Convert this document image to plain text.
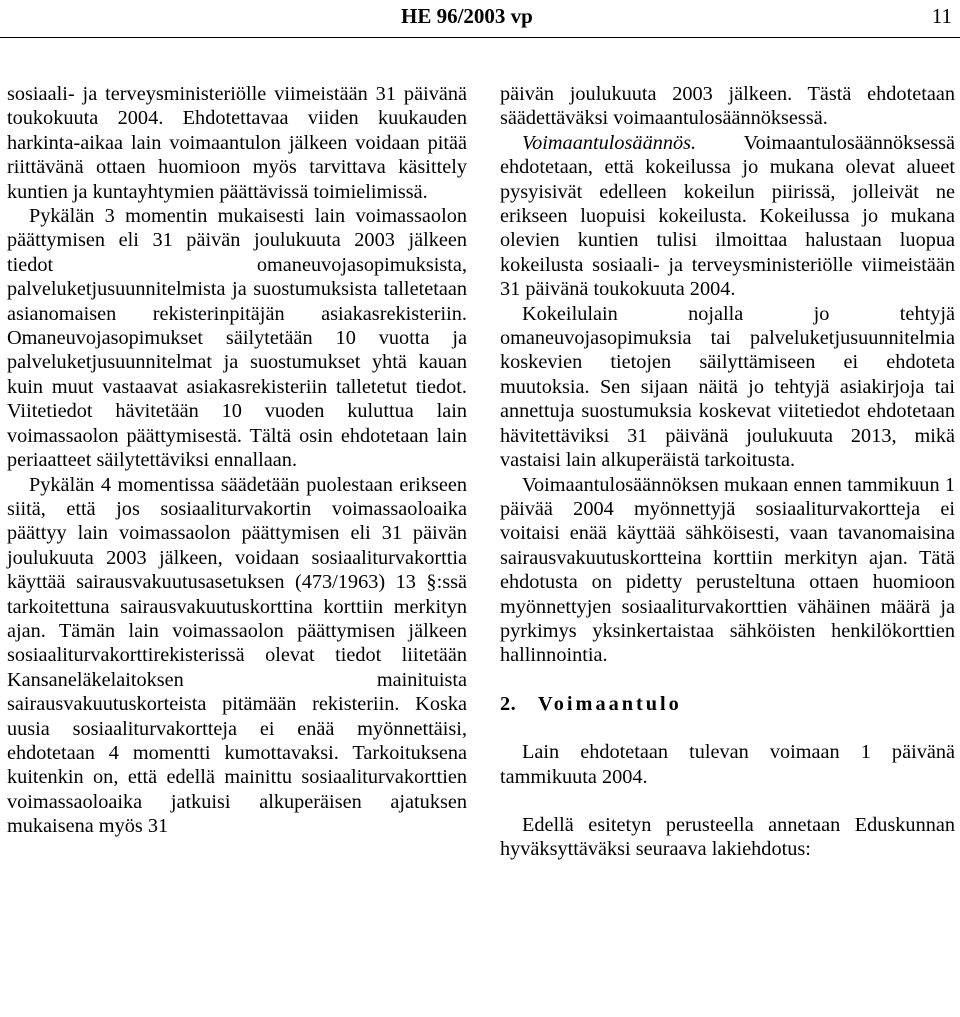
HE 96/2003 vp	11

sosiaali- ja terveysministeriölle viimeistään 31 päivänä toukokuuta 2004. Ehdotettavaa viiden kuukauden harkinta-aikaa lain voimaantulon jälkeen voidaan pitää riittävänä ottaen huomioon myös tarvittava käsittely kuntien ja kuntayhtymien päättävissä toimielimissä.

Pykälän 3 momentin mukaisesti lain voimassaolon päättymisen eli 31 päivän joulukuuta 2003 jälkeen tiedot omaneuvojasopimuksista, palveluketjusuunnitelmista ja suostumuksista talletetaan asianomaisen rekisterinpitäjän asiakasrekisteriin. Omaneuvojasopimukset säilytetään 10 vuotta ja palveluketjusuunnitelmat ja suostumukset yhtä kauan kuin muut vastaavat asiakasrekisteriin talletetut tiedot. Viitetiedot hävitetään 10 vuoden kuluttua lain voimassaolon päättymisestä. Tältä osin ehdotetaan lain periaatteet säilytettäviksi ennallaan.

Pykälän 4 momentissa säädetään puolestaan erikseen siitä, että jos sosiaaliturvakortin voimassaoloaika päättyy lain voimassaolon päättymisen eli 31 päivän joulukuuta 2003 jälkeen, voidaan sosiaaliturvakorttia käyttää sairausvakuutusasetuksen (473/1963) 13 §:ssä tarkoitettuna sairausvakuutuskorttina korttiin merkityn ajan. Tämän lain voimassaolon päättymisen jälkeen sosiaaliturvakorttirekisterissä olevat tiedot liitetään Kansaneläkelaitoksen mainituista sairausvakuutuskorteista pitämään rekisteriin. Koska uusia sosiaaliturvakortteja ei enää myönnettäisi, ehdotetaan 4 momentti kumottavaksi. Tarkoituksena kuitenkin on, että edellä mainittu sosiaaliturvakorttien voimassaoloaika jatkuisi alkuperäisen ajatuksen mukaisena myös 31

päivän joulukuuta 2003 jälkeen. Tästä ehdotetaan säädettäväksi voimaantulosäännöksessä.

Voimaantulosäännös. Voimaantulosäännöksessä ehdotetaan, että kokeilussa jo mukana olevat alueet pysyisivät edelleen kokeilun piirissä, jolleivät ne erikseen luopuisi kokeilusta. Kokeilussa jo mukana olevien kuntien tulisi ilmoittaa halustaan luopua kokeilusta sosiaali- ja terveysministeriölle viimeistään 31 päivänä toukokuuta 2004.

Kokeilulain nojalla jo tehtyjä omaneuvojasopimuksia tai palveluketjusuunnitelmia koskevien tietojen säilyttämiseen ei ehdoteta muutoksia. Sen sijaan näitä jo tehtyjä asiakirjoja tai annettuja suostumuksia koskevat viitetiedot ehdotetaan hävitettäviksi 31 päivänä joulukuuta 2013, mikä vastaisi lain alkuperäistä tarkoitusta.

Voimaantulosäännöksen mukaan ennen tammikuun 1 päivää 2004 myönnettyjä sosiaaliturvakortteja ei voitaisi enää käyttää sähköisesti, vaan tavanomaisina sairausvakuutuskortteina korttiin merkityn ajan. Tätä ehdotusta on pidetty perusteltuna ottaen huomioon myönnettyjen sosiaaliturvakorttien vähäinen määrä ja pyrkimys yksinkertaistaa sähköisten henkilökorttien hallinnointia.

2. Voimaantulo

Lain ehdotetaan tulevan voimaan 1 päivänä tammikuuta 2004.

Edellä esitetyn perusteella annetaan Eduskunnan hyväksyttäväksi seuraava lakiehdotus:
